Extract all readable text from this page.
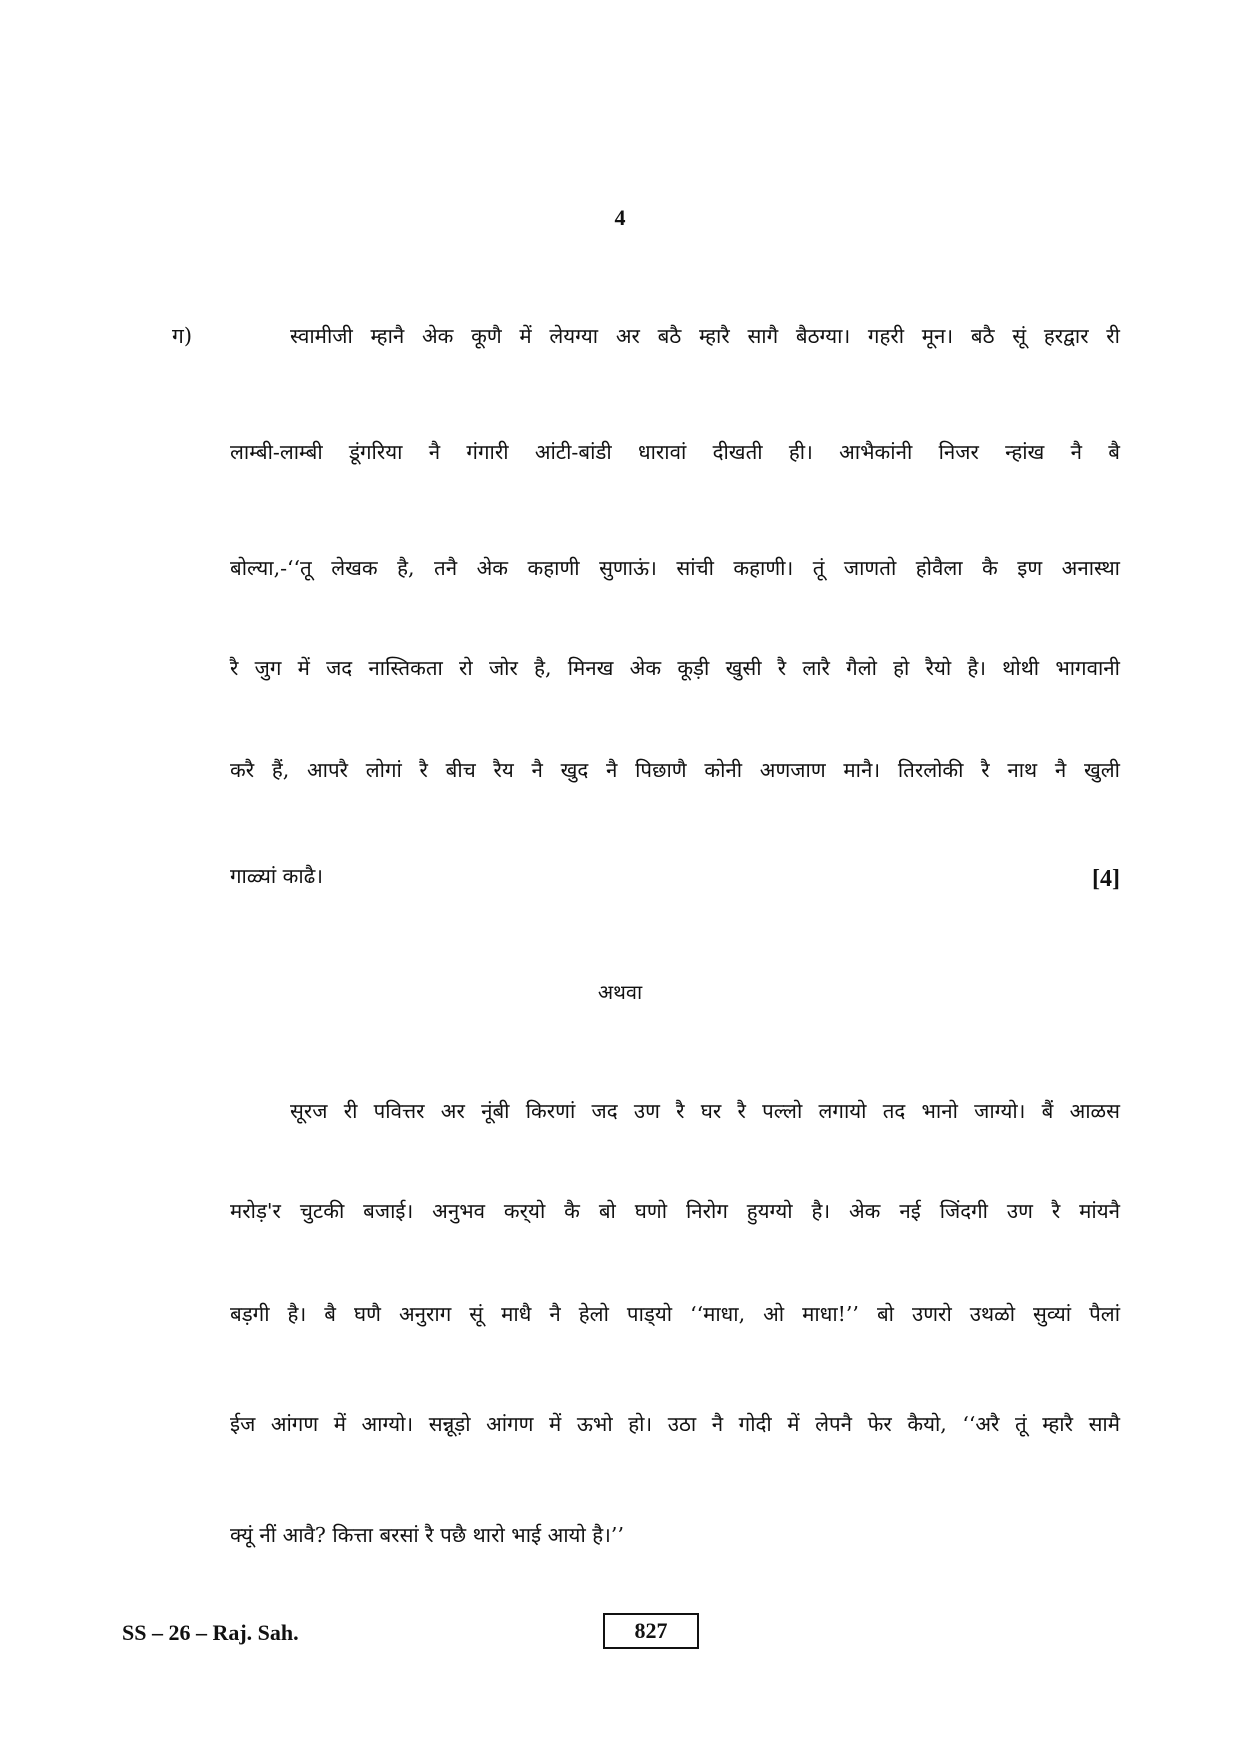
4
ग)	स्वामीजी म्हानै अेक कूणै में लेयग्या अर बठै म्हारै सागै बैठग्या। गहरी मून। बठै सूं हरद्वार री
लाम्बी-लाम्बी डूंगरिया नै गंगारी आंटी-बांडी धारावां दीखती ही। आभैकांनी निजर न्हांख नै बै
बोल्या,-‘‘तू लेखक है, तनै अेक कहाणी सुणाऊं। सांची कहाणी। तूं जाणतो होवैला कै इण अनास्था
रै जुग में जद नास्तिकता रो जोर है, मिनख अेक कूड़ी खुसी रै लारै गैलो हो रैयो है। थोथी भागवानी
करै हैं, आपरै लोगां रै बीच रैय नै खुद नै पिछाणै कोनी अणजाण मानै। तिरलोकी रै नाथ नै खुली
गाळ्यां काढै।	[4]
अथवा
सूरज री पवित्तर अर नूंबी किरणां जद उण रै घर रै पल्लो लगायो तद भानो जाग्यो। बैं आळस
मरोड़'र चुटकी बजाई। अनुभव कर्‌यो कै बो घणो निरोग हुयग्यो है। अेक नई जिंदगी उण रै मांयनै
बड़गी है। बै घणै अनुराग सूं माधै नै हेलो पाड्‌यो ‘‘माधा, ओ माधा!’’ बो उणरो उथळो सुव्यां पैलां
ईज आंगण में आग्यो। सन्नूड़ो आंगण में ऊभो हो। उठा नै गोदी में लेपनै फेर कैयो, ‘‘अरै तूं म्हारै सामै
क्यूं नीं आवै? कित्ता बरसां रै पछै थारो भाई आयो है।’’
SS – 26 – Raj. Sah.	827
